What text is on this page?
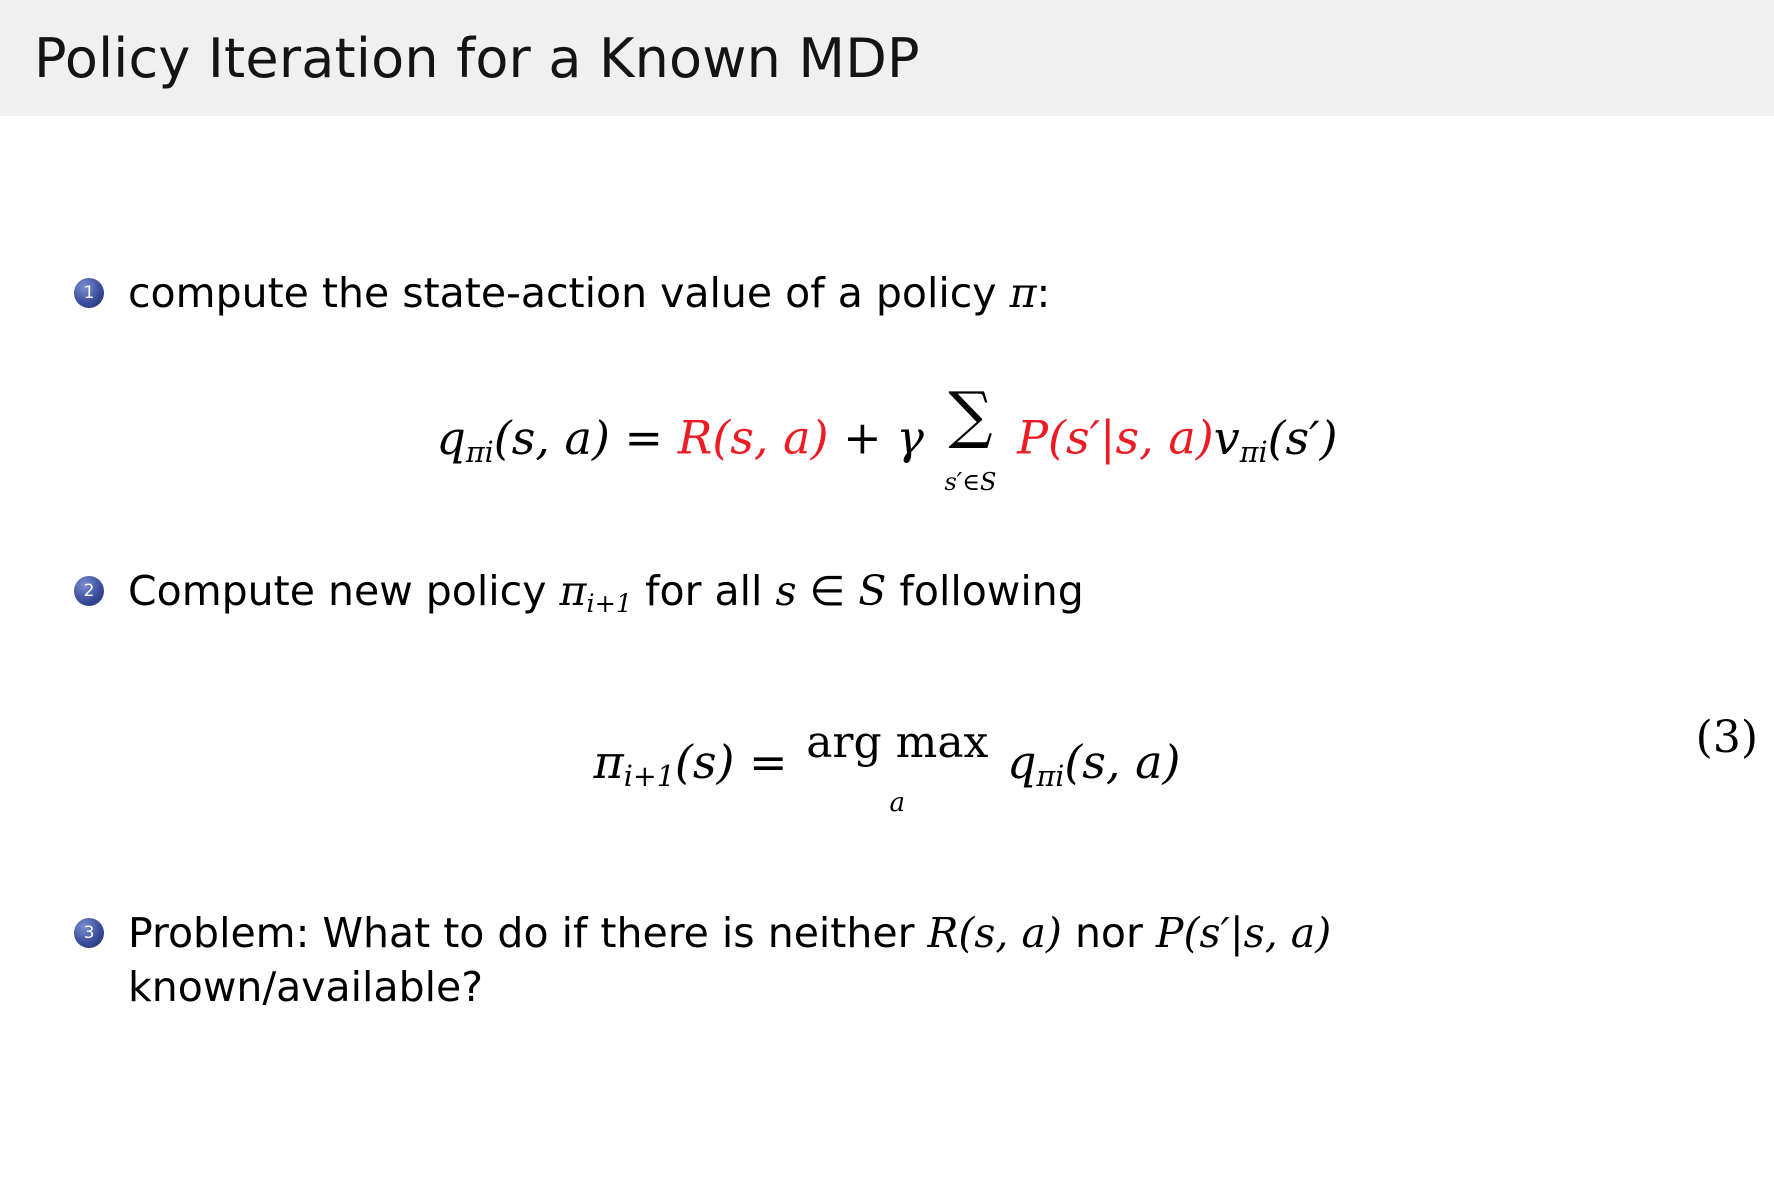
Policy Iteration for a Known MDP
1 compute the state-action value of a policy π:
$q_{\pi i}(s$, a) = R(s, a) + γ ∑
s′∈S P(s′|s, $a)v_{\pi i}(s')$
2 Compute new policy $\pi_{i+1}$ for all s ∈ S following
$\pi_{i+1}(s)$ = arg max
a $q_{\pi i}(s$, a)	(3)
3 Problem: What to do if there is neither R(s, a) nor P(s′|s, a)
known/available?
